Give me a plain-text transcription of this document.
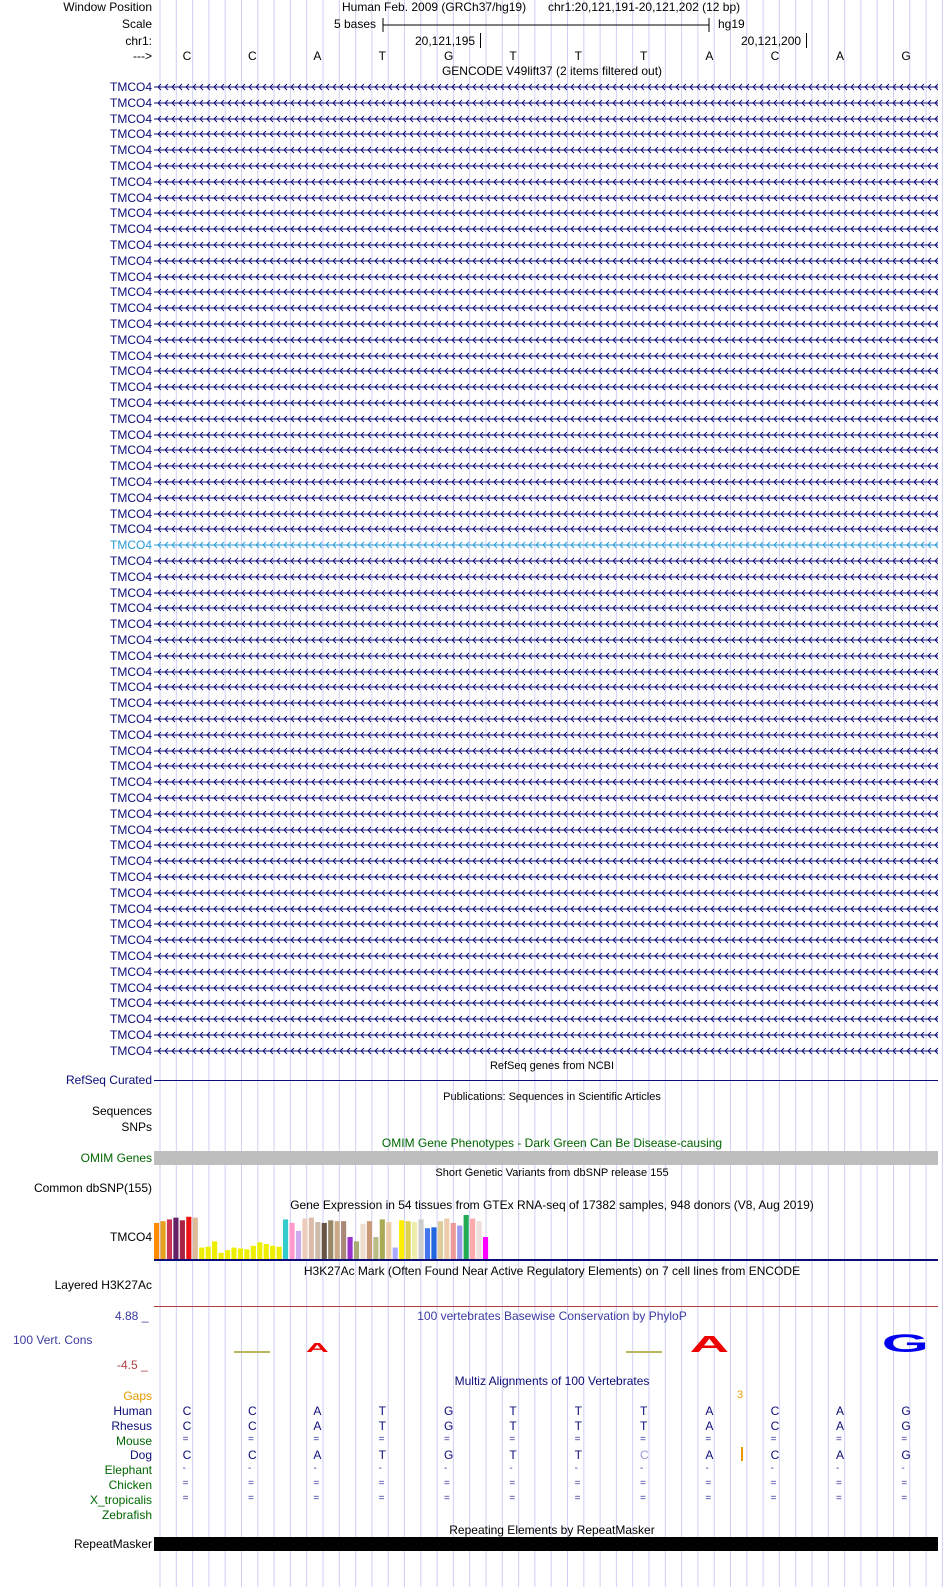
Window Position	Human Feb. 2009 (GRCh37/hg19) chr1:20,121,191-20,121,202 (12 bp)
Scale	5 bases	hg19
chr1:	20,121,195	20,121,200
--->	C	C	A	T	G	T	T	T	A	C	A	G
GENCODE V49lift37 (2 items filtered out)
TMCO4
TMCO4
TMCO4
TMCO4
TMCO4
TMCO4
TMCO4
TMCO4
TMCO4
TMCO4
TMCO4
TMCO4
TMCO4
TMCO4
TMCO4
TMCO4
TMCO4
TMCO4
TMCO4
TMCO4
TMCO4
TMCO4
TMCO4
TMCO4
TMCO4
TMCO4
TMCO4
TMCO4
TMCO4
TMCO4
TMCO4
TMCO4
TMCO4
TMCO4
TMCO4
TMCO4
TMCO4
TMCO4
TMCO4
TMCO4
TMCO4
TMCO4
TMCO4
TMCO4
TMCO4
TMCO4
TMCO4
TMCO4
TMCO4
TMCO4
TMCO4
TMCO4
TMCO4
TMCO4
TMCO4
TMCO4
TMCO4
TMCO4
TMCO4
TMCO4
TMCO4
TMCO4
RefSeq genes from NCBI
RefSeq Curated
Publications: Sequences in Scientific Articles
Sequences
SNPs
OMIM Gene Phenotypes - Dark Green Can Be Disease-causing
OMIM Genes
Short Genetic Variants from dbSNP release 155
Common dbSNP(155)
Gene Expression in 54 tissues from GTEx RNA-seq of 17382 samples, 948 donors (V8, Aug 2019)
TMCO4
H3K27Ac Mark (Often Found Near Active Regulatory Elements) on 7 cell lines from ENCODE
Layered H3K27Ac
100 vertebrates Basewise Conservation by PhyloP
4.88 _
100 Vert. Cons
-4.5 _
A	A	G
Multiz Alignments of 100 Vertebrates
Gaps	3
Human	C	C	A	T	G	T	T	T	A	C	A	G
Rhesus	C	C	A	T	G	T	T	T	A	C	A	G
Mouse	=	=	=	=	=	=	=	=	=	=	=	=
Dog	C	C	A	T	G	T	T	C	A	C	A	G
Elephant	-	-	-	-	-	-	-	-	-	-	-	-
Chicken	=	=	=	=	=	=	=	=	=	=	=	=
X_tropicalis	=	=	=	=	=	=	=	=	=	=	=	=
Zebrafish
Repeating Elements by RepeatMasker
RepeatMasker
